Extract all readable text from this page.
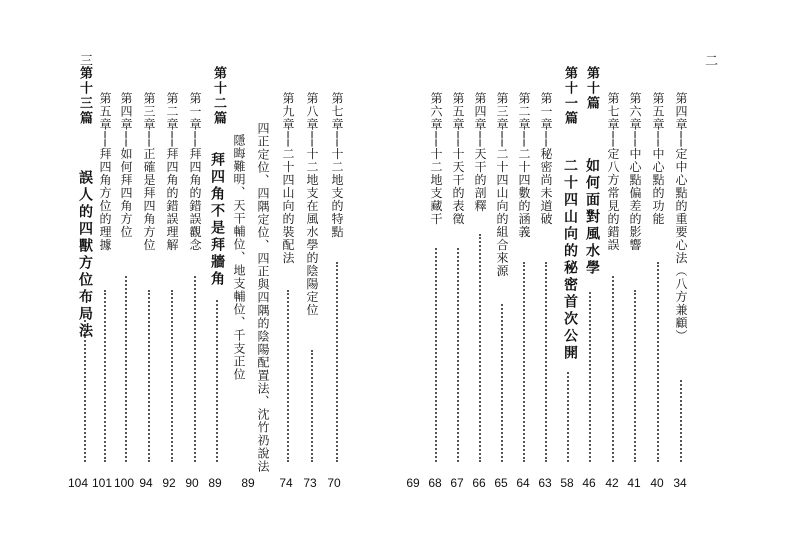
三
第七章──十二地支的特點
第八章──十二地支在風水學的陰陽定位
第九章──二十四山向的裝配法
四正定位、四隅定位、四正與四隅的陰陽配置法、
隱晦難明、天干輔位、地支輔位、千支正位
沈竹礽說法
第十二篇
拜四角不是拜牆角
第一章──拜四角的錯誤觀念
第二章──拜四角的錯誤理解
第三章──正確是拜四角方位
第四章──如何拜四角方位
第五章──拜四角方位的理據
第十三篇
誤人的四獸方位布局法
70
73
74
89
89
90
92
94
100
101
104
二
第四章──定中心點的重要心法（八方兼顧）
第五章──中心點的功能
第六章──中心點偏差的影響
第七章──定八方常見的錯誤
第十篇
如何面對風水學
第十一篇
二十四山向的秘密首次公開
第一章──秘密尚未道破
第二章──二十四數的涵義
第三章──二十四山向的組合來源
第四章──天干的剖釋
第五章──十天干的表徵
第六章──十二地支藏干
34
40
41
42
46
58
63
64
65
66
67
68
69
